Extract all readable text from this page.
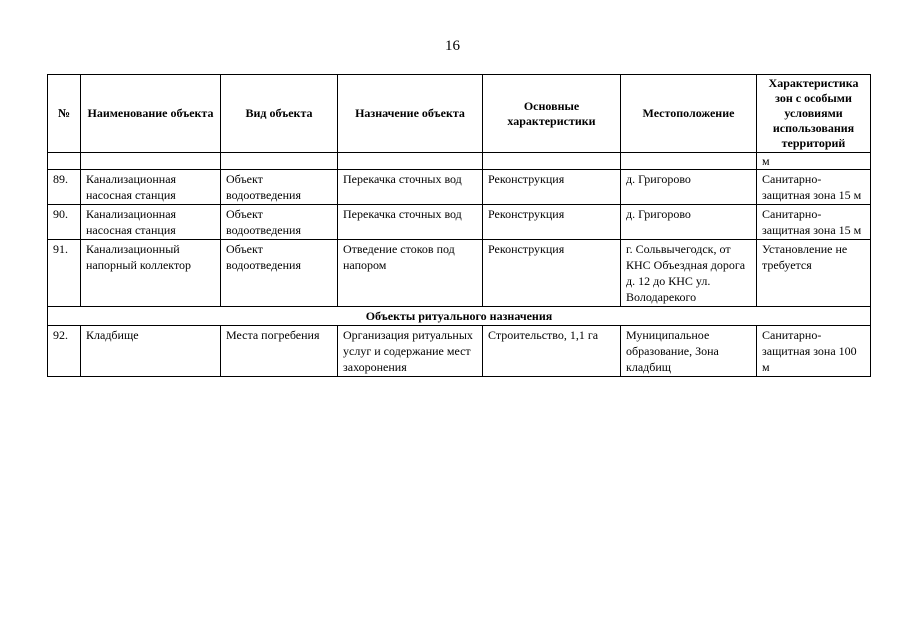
16
№	Наименование объекта	Вид объекта	Назначение объекта	Основные характеристики	Местоположение	Характеристика зон с особыми условиями использования территорий
						м
89.	Канализационная насосная станция	Объект водоотведения	Перекачка сточных вод	Реконструкция	д. Григорово	Санитарно-защитная зона 15 м
90.	Канализационная насосная станция	Объект водоотведения	Перекачка сточных вод	Реконструкция	д. Григорово	Санитарно-защитная зона 15 м
91.	Канализационный напорный коллектор	Объект водоотведения	Отведение стоков под напором	Реконструкция	г. Сольвычегодск, от КНС Объездная дорога д. 12 до КНС ул. Володарекого	Установление не требуется
Объекты ритуального назначения						
92.	Кладбище	Места погребения	Организация ритуальных услуг и содержание мест захоронения	Строительство, 1,1 га	Муниципальное образование, Зона кладбищ	Санитарно-защитная зона 100 м
